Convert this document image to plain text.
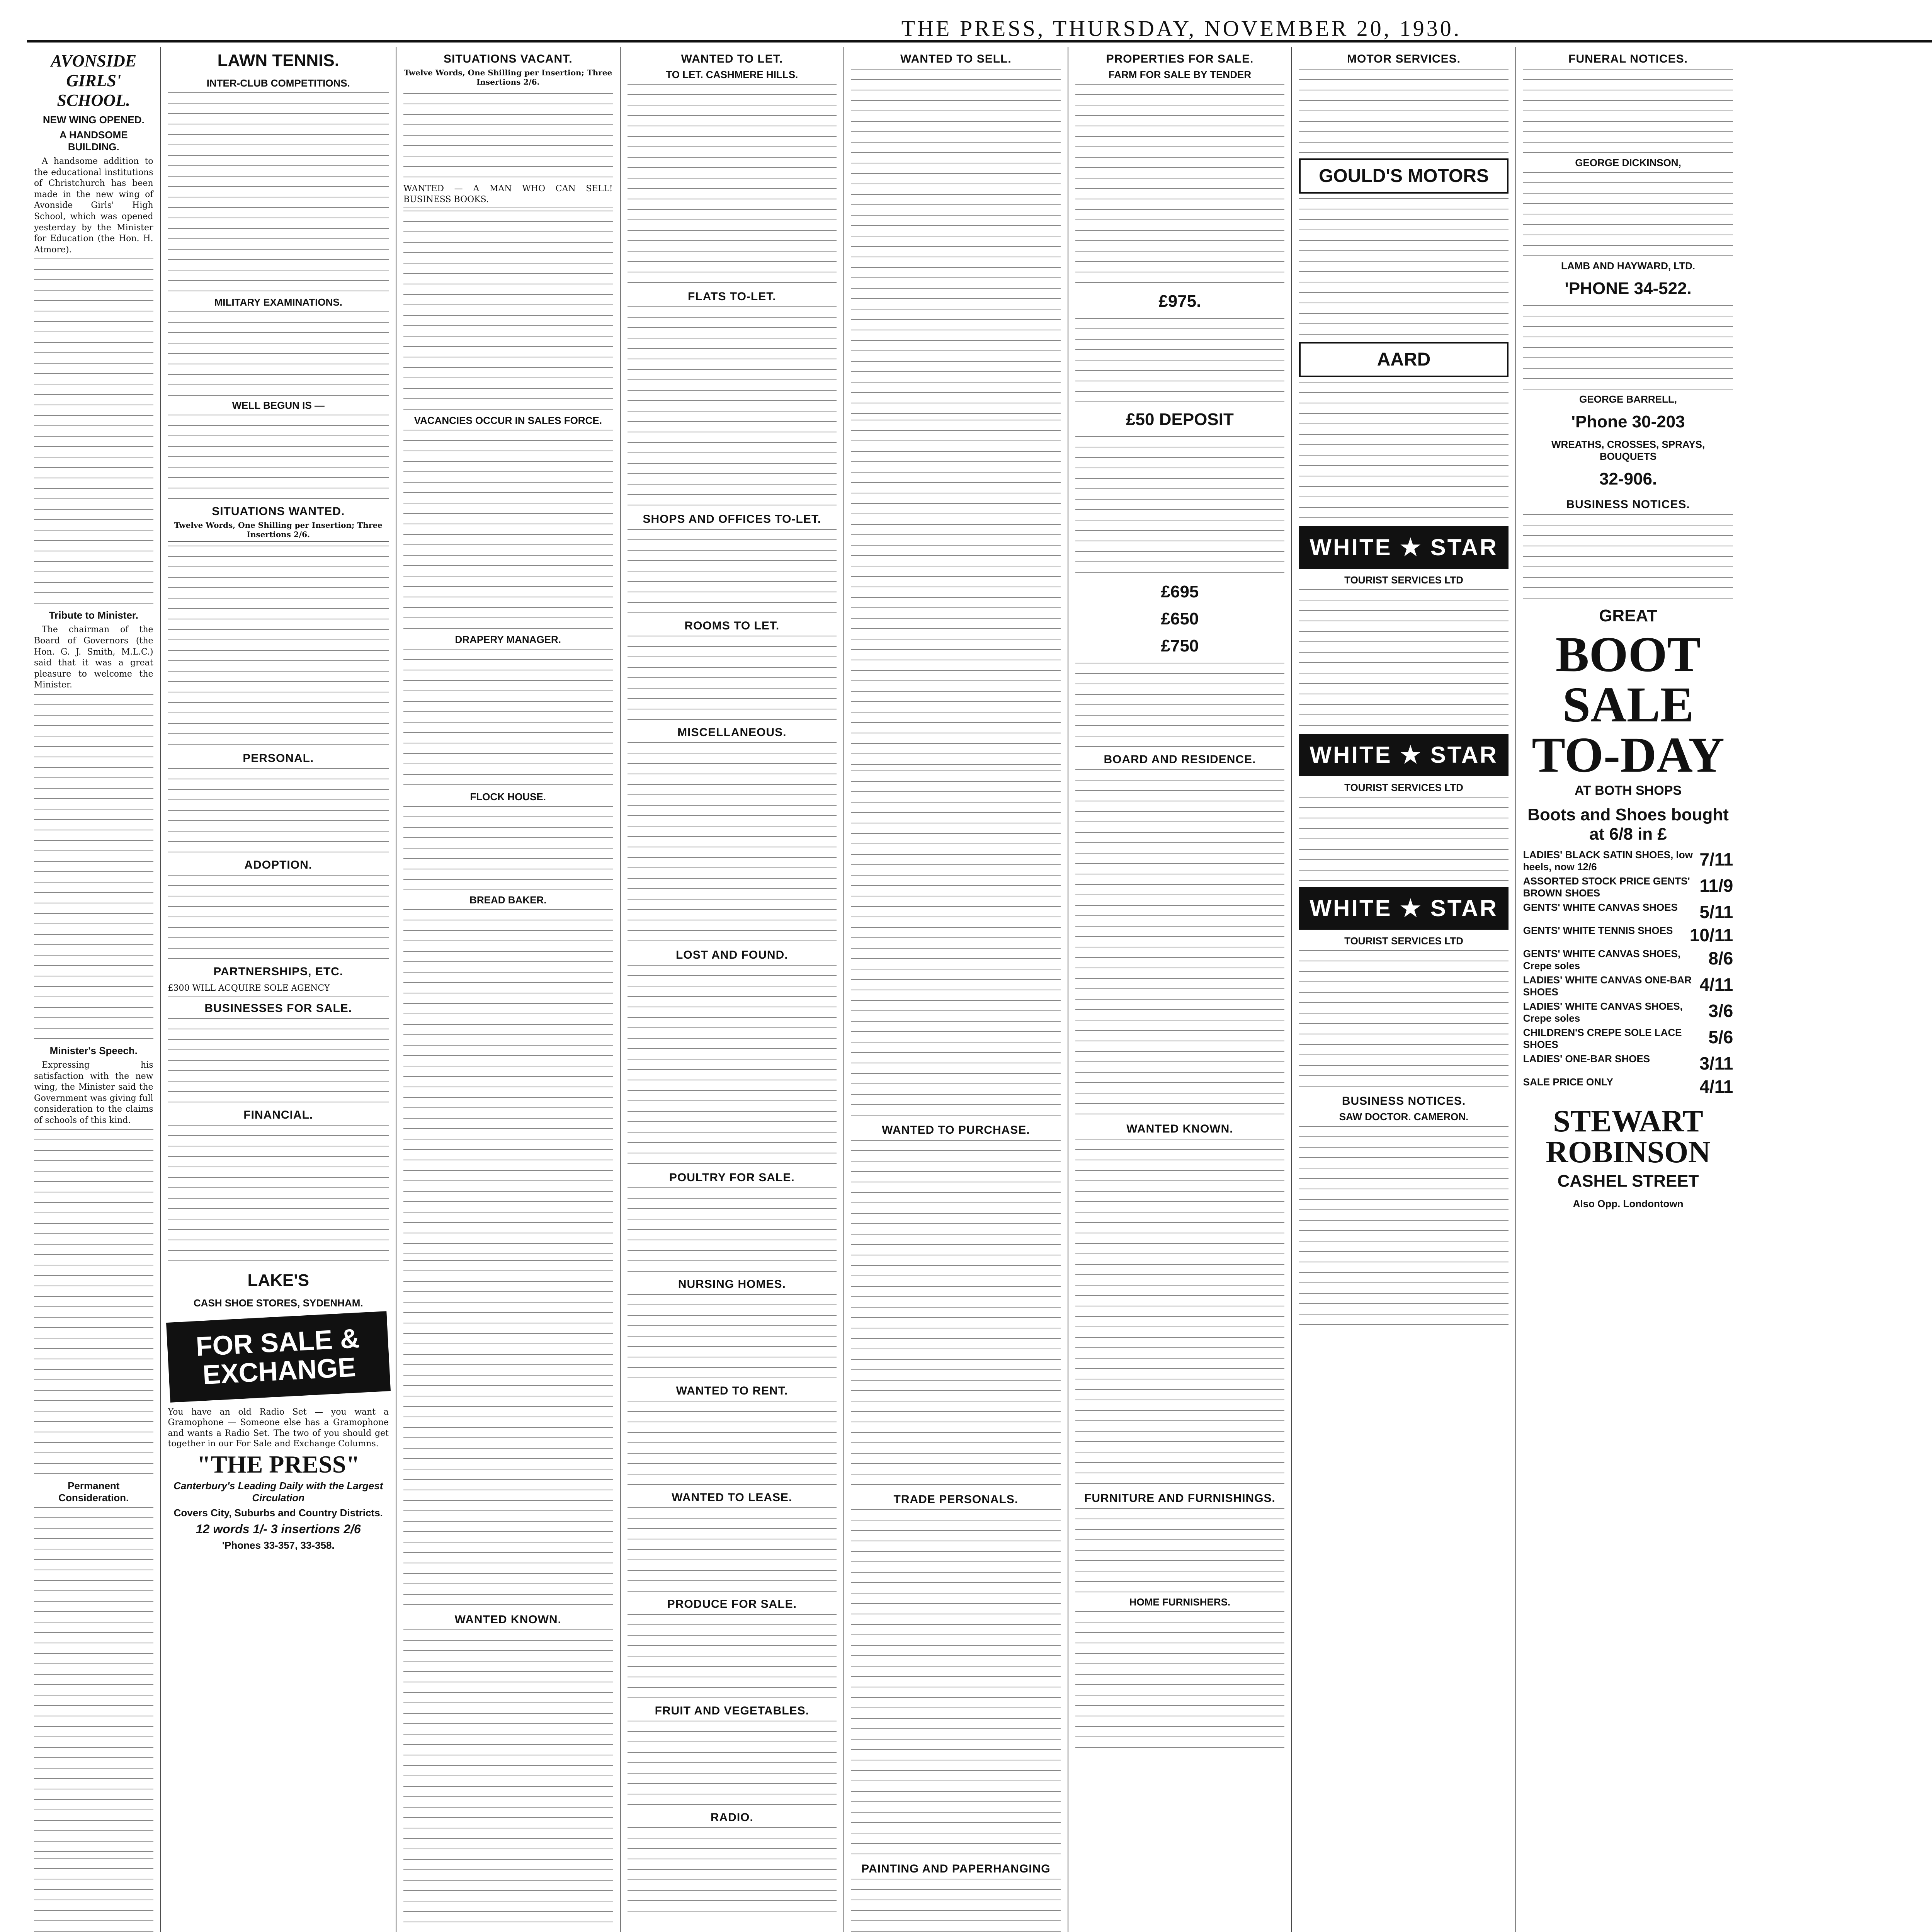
THE PRESS, THURSDAY, NOVEMBER 20, 1930.
AVONSIDE GIRLS' SCHOOL.
NEW WING OPENED.
A HANDSOME BUILDING.

A handsome addition to the educational institutions of Christchurch has been made in the new wing of Avonside Girls' High School, which was opened yesterday by the Minister for Education (the Hon. H. Atmore).

Tribute to Minister.

The chairman of the Board of Governors (the Hon. G. J. Smith, M.L.C.) said that it was a great pleasure to welcome the Minister.

Minister's Speech.

Expressing his satisfaction with the new wing, the Minister said the Government was giving full consideration to the claims of schools of this kind.

Permanent Consideration.
LAWN TENNIS.
INTER-CLUB COMPETITIONS.
MILITARY EXAMINATIONS.
WELL BEGUN IS —
SITUATIONS WANTED.
Twelve Words, One Shilling per Insertion; Three Insertions 2/6.
PERSONAL.
ADOPTION.
PARTNERSHIPS, ETC.
£300 WILL ACQUIRE SOLE AGENCY
BUSINESSES FOR SALE.
FINANCIAL.
LAKE'S
CASH SHOE STORES, SYDENHAM.
FOR SALE & EXCHANGE

You have an old Radio Set — you want a Gramophone — Someone else has a Gramophone and wants a Radio Set. The two of you should get together in our For Sale and Exchange Columns.

"THE PRESS"
Canterbury's Leading Daily with the Largest Circulation
Covers City, Suburbs and Country Districts.
12 words 1/- 3 insertions 2/6
'Phones 33-357, 33-358.
SITUATIONS VACANT.
Twelve Words, One Shilling per Insertion; Three Insertions 2/6.
WANTED — A MAN WHO CAN SELL! BUSINESS BOOKS.
VACANCIES OCCUR IN SALES FORCE.
DRAPERY MANAGER.
FLOCK HOUSE.
BREAD BAKER.
WANTED KNOWN.
WANTED TO LET.
TO LET. CASHMERE HILLS.
FLATS TO-LET.
SHOPS AND OFFICES TO-LET.
ROOMS TO LET.
MISCELLANEOUS.
LOST AND FOUND.
POULTRY FOR SALE.
NURSING HOMES.
WANTED TO RENT.
WANTED TO LEASE.
PRODUCE FOR SALE.
FRUIT AND VEGETABLES.
RADIO.
WANTED TO SELL.
WANTED TO PURCHASE.
TRADE PERSONALS.
PAINTING AND PAPERHANGING
PROPERTIES FOR SALE.
FARM FOR SALE BY TENDER
£975.
£50 DEPOSIT
£695
£650
£750
BOARD AND RESIDENCE.
WANTED KNOWN.
FURNITURE AND FURNISHINGS.
HOME FURNISHERS.
MOTOR SERVICES.
GOULD'S MOTORS
AARD
WHITE ★ STAR
TOURIST SERVICES LTD
WHITE ★ STAR
TOURIST SERVICES LTD
WHITE ★ STAR
TOURIST SERVICES LTD
BUSINESS NOTICES.
SAW DOCTOR. CAMERON.
FUNERAL NOTICES.
GEORGE DICKINSON,
LAMB AND HAYWARD, LTD.
'PHONE 34-522.
GEORGE BARRELL,
'Phone 30-203
WREATHS, CROSSES, SPRAYS, BOUQUETS
32-906.
BUSINESS NOTICES.
GREAT
BOOT SALE TO-DAY
AT BOTH SHOPS
Boots and Shoes bought at 6/8 in £
LADIES' BLACK SATIN SHOES, low heels, now 12/6	7/11
ASSORTED STOCK PRICE GENTS' BROWN SHOES	11/9
GENTS' WHITE CANVAS SHOES 5/11
GENTS' WHITE TENNIS SHOES 10/11
GENTS' WHITE CANVAS SHOES, Crepe soles	8/6
LADIES' WHITE CANVAS ONE-BAR SHOES	4/11
LADIES' WHITE CANVAS SHOES, Crepe soles	3/6
CHILDREN'S CREPE SOLE LACE SHOES	5/6
LADIES' ONE-BAR SHOES	3/11
SALE PRICE ONLY	4/11
STEWART ROBINSON
CASHEL STREET
Also Opp. Londontown
